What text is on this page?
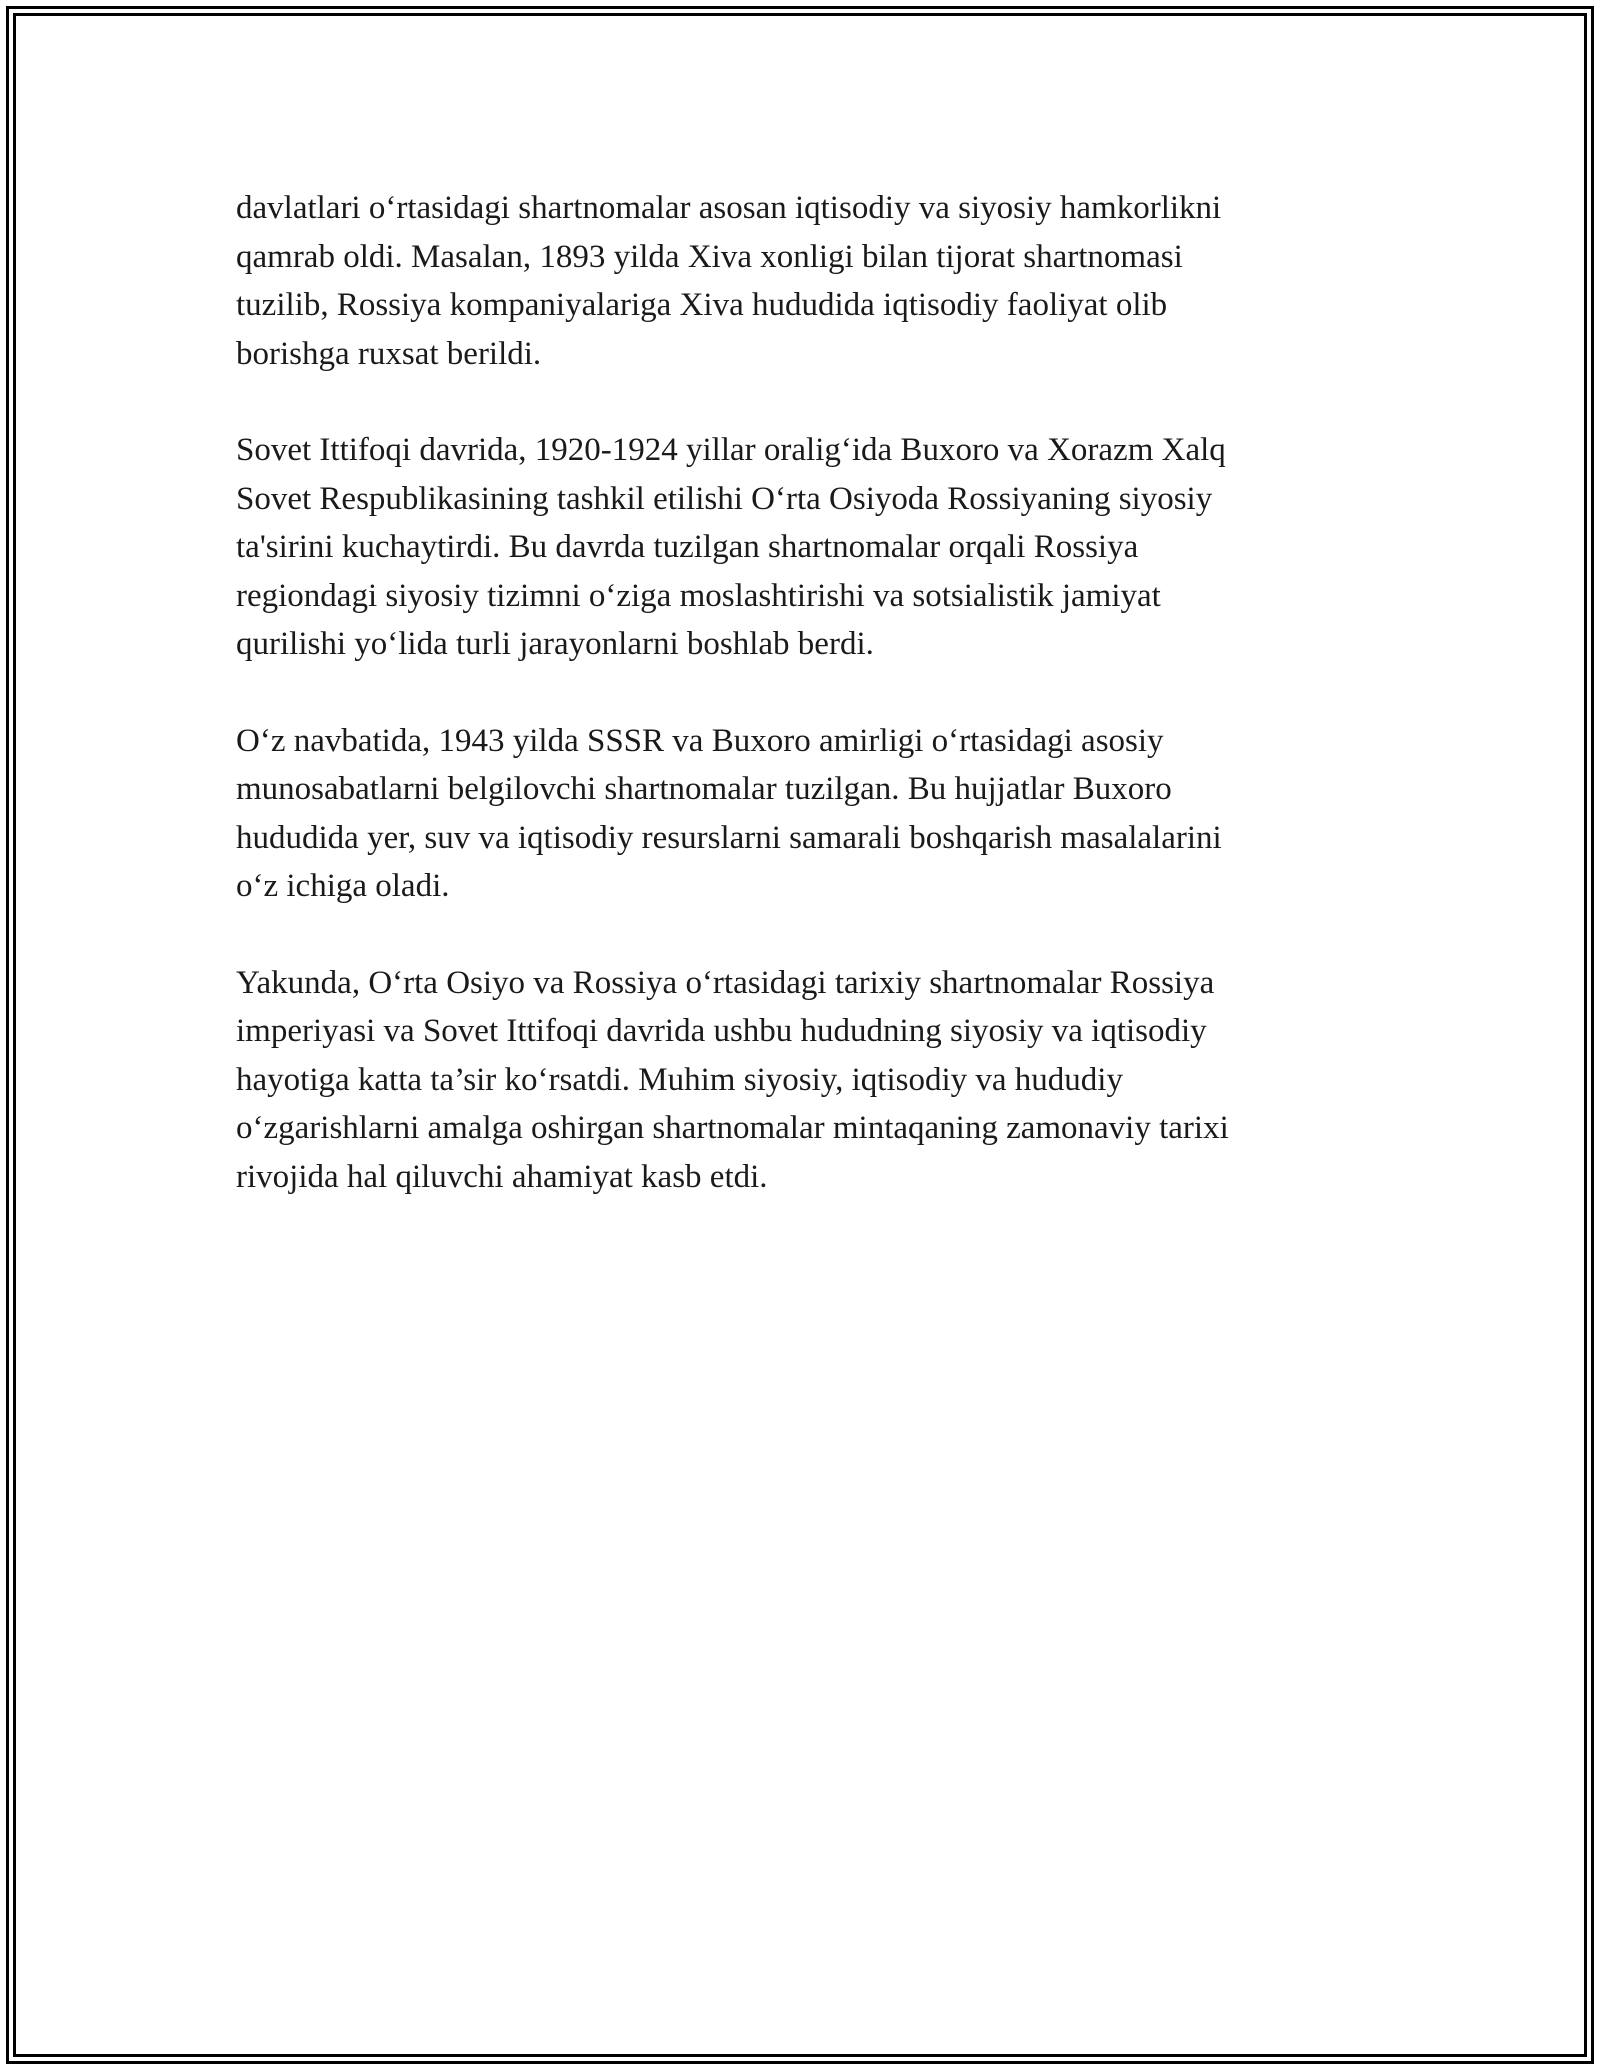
davlatlari o‘rtasidagi shartnomalar asosan iqtisodiy va siyosiy hamkorlikni
qamrab oldi. Masalan, 1893 yilda Xiva xonligi bilan tijorat shartnomasi
tuzilib, Rossiya kompaniyalariga Xiva hududida iqtisodiy faoliyat olib
borishga ruxsat berildi.

Sovet Ittifoqi davrida, 1920-1924 yillar oralig‘ida Buxoro va Xorazm Xalq
Sovet Respublikasining tashkil etilishi O‘rta Osiyoda Rossiyaning siyosiy
ta'sirini kuchaytirdi. Bu davrda tuzilgan shartnomalar orqali Rossiya
regiondagi siyosiy tizimni o‘ziga moslashtirishi va sotsialistik jamiyat
qurilishi yo‘lida turli jarayonlarni boshlab berdi.

O‘z navbatida, 1943 yilda SSSR va Buxoro amirligi o‘rtasidagi asosiy
munosabatlarni belgilovchi shartnomalar tuzilgan. Bu hujjatlar Buxoro
hududida yer, suv va iqtisodiy resurslarni samarali boshqarish masalalarini
o‘z ichiga oladi.

Yakunda, O‘rta Osiyo va Rossiya o‘rtasidagi tarixiy shartnomalar Rossiya
imperiyasi va Sovet Ittifoqi davrida ushbu hududning siyosiy va iqtisodiy
hayotiga katta ta’sir ko‘rsatdi. Muhim siyosiy, iqtisodiy va hududiy
o‘zgarishlarni amalga oshirgan shartnomalar mintaqaning zamonaviy tarixi
rivojida hal qiluvchi ahamiyat kasb etdi.
